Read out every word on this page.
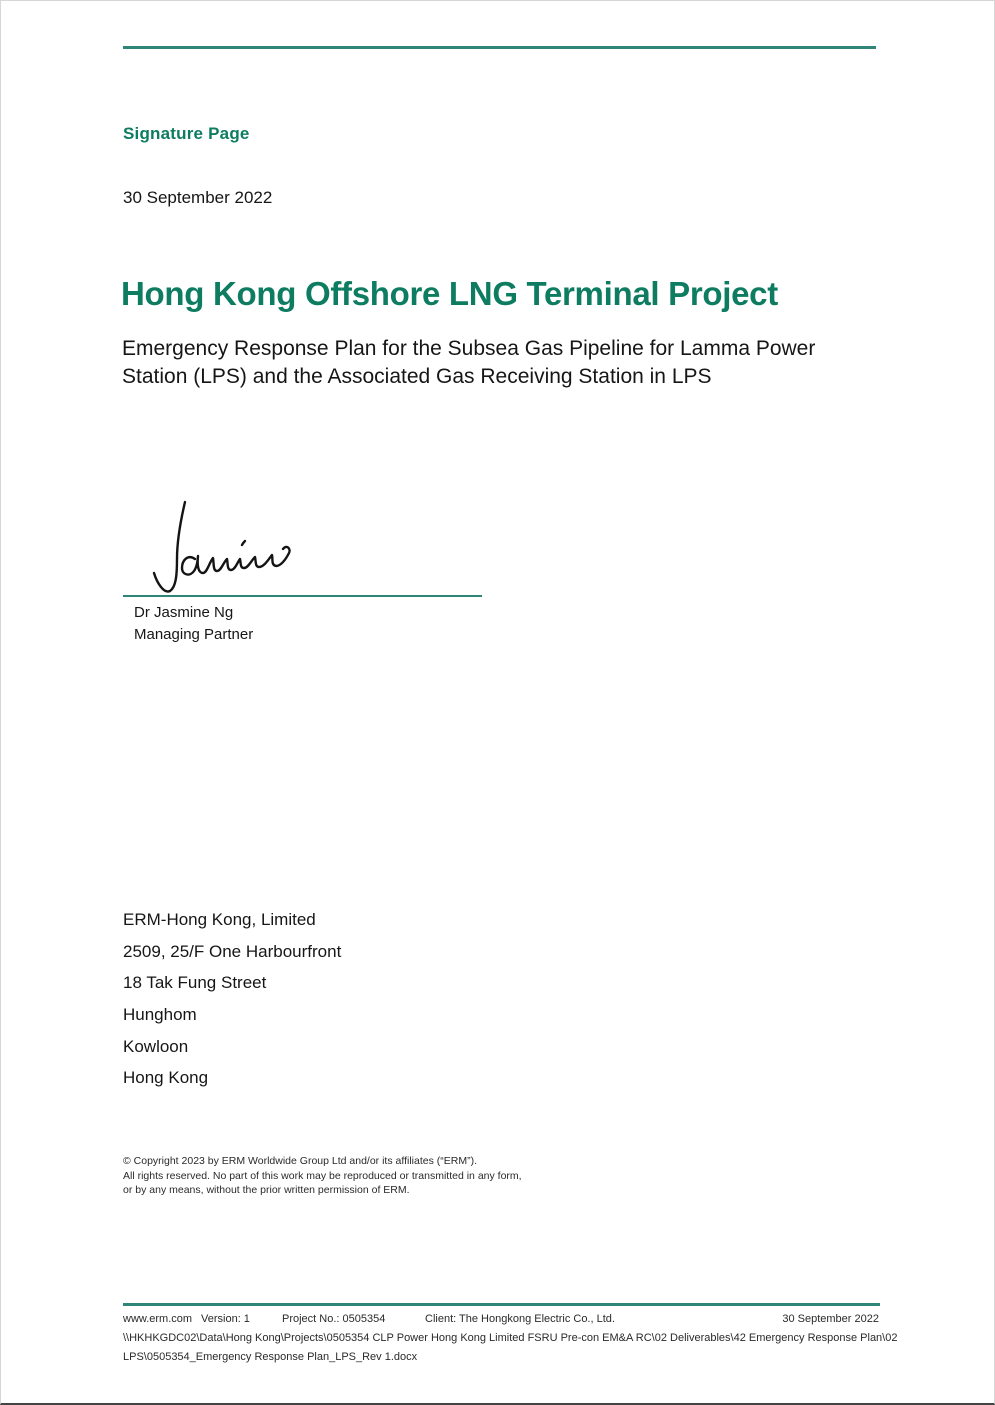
Signature Page
30 September 2022
Hong Kong Offshore LNG Terminal Project
Emergency Response Plan for the Subsea Gas Pipeline for Lamma Power Station (LPS) and the Associated Gas Receiving Station in LPS
Dr Jasmine Ng
Managing Partner
ERM-Hong Kong, Limited
2509, 25/F One Harbourfront
18 Tak Fung Street
Hunghom
Kowloon
Hong Kong
© Copyright 2023 by ERM Worldwide Group Ltd and/or its affiliates (“ERM”).
All rights reserved. No part of this work may be reproduced or transmitted in any form,
or by any means, without the prior written permission of ERM.
www.erm.com Version: 1	Project No.: 0505354	Client: The Hongkong Electric Co., Ltd.	30 September 2022
\\HKHKGDC02\Data\Hong Kong\Projects\0505354 CLP Power Hong Kong Limited FSRU Pre-con EM&A RC\02 Deliverables\42 Emergency Response Plan\02
LPS\0505354_Emergency Response Plan_LPS_Rev 1.docx
